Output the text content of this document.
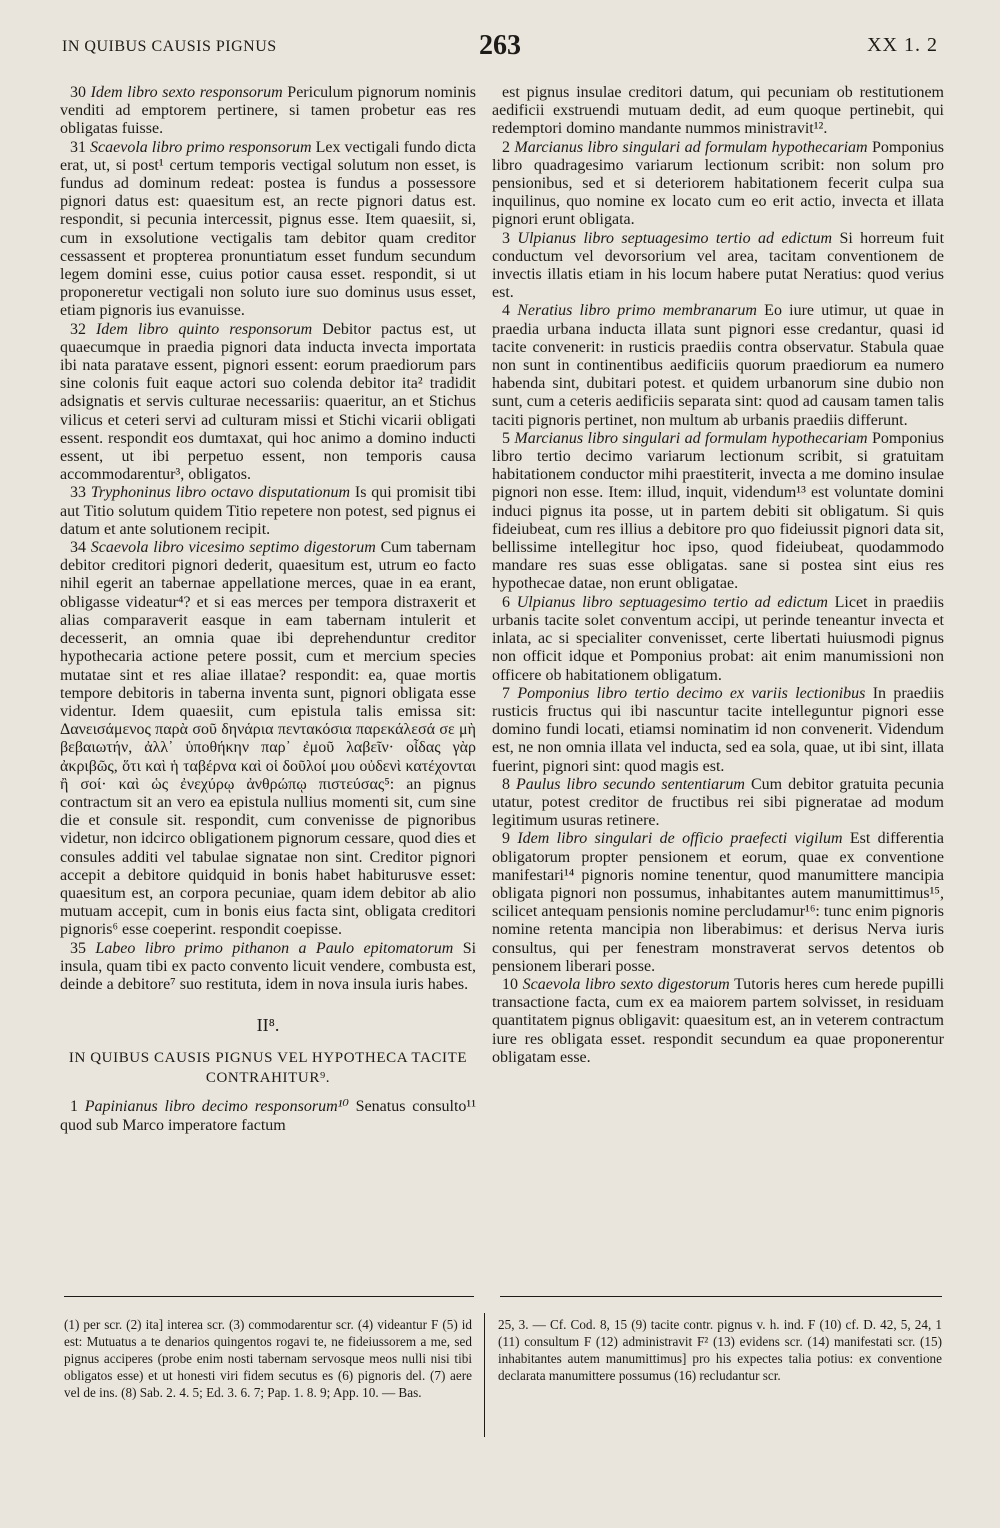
IN QUIBUS CAUSIS PIGNUS	263	XX 1. 2

30 Idem libro sexto responsorum Periculum pignorum nominis venditi ad emptorem pertinere, si tamen probetur eas res obligatas fuisse.

31 Scaevola libro primo responsorum Lex vectigali fundo dicta erat, ut, si post¹ certum temporis vectigal solutum non esset, is fundus ad dominum redeat: postea is fundus a possessore pignori datus est: quaesitum est, an recte pignori datus est. respondit, si pecunia intercessit, pignus esse. Item quaesiit, si, cum in exsolutione vectigalis tam debitor quam creditor cessassent et propterea pronuntiatum esset fundum secundum legem domini esse, cuius potior causa esset. respondit, si ut proponeretur vectigali non soluto iure suo dominus usus esset, etiam pignoris ius evanuisse.

32 Idem libro quinto responsorum Debitor pactus est, ut quaecumque in praedia pignori data inducta invecta importata ibi nata paratave essent, pignori essent: eorum praediorum pars sine colonis fuit eaque actori suo colenda debitor ita² tradidit adsignatis et servis culturae necessariis: quaeritur, an et Stichus vilicus et ceteri servi ad culturam missi et Stichi vicarii obligati essent. respondit eos dumtaxat, qui hoc animo a domino inducti essent, ut ibi perpetuo essent, non temporis causa accommodarentur³, obligatos.

33 Tryphoninus libro octavo disputationum Is qui promisit tibi aut Titio solutum quidem Titio repetere non potest, sed pignus ei datum et ante solutionem recipit.

34 Scaevola libro vicesimo septimo digestorum Cum tabernam debitor creditori pignori dederit, quaesitum est, utrum eo facto nihil egerit an tabernae appellatione merces, quae in ea erant, obligasse videatur⁴? et si eas merces per tempora distraxerit et alias comparaverit easque in eam tabernam intulerit et decesserit, an omnia quae ibi deprehenduntur creditor hypothecaria actione petere possit, cum et mercium species mutatae sint et res aliae illatae? respondit: ea, quae mortis tempore debitoris in taberna inventa sunt, pignori obligata esse videntur. Idem quaesiit, cum epistula talis emissa sit: Δανεισάμενος παρὰ σοῦ δηνάρια πεντακόσια παρεκάλεσά σε μὴ βεβαιωτήν, ἀλλ᾽ ὑποθήκην παρ᾽ ἐμοῦ λαβεῖν· οἶδας γὰρ ἀκριβῶς, ὅτι καὶ ἡ ταβέρνα καὶ οἱ δοῦλοί μου οὐδενὶ κατέχονται ἢ σοί· καὶ ὡς ἐνεχύρῳ ἀνθρώπῳ πιστεύσας⁵: an pignus contractum sit an vero ea epistula nullius momenti sit, cum sine die et consule sit. respondit, cum convenisse de pignoribus videtur, non idcirco obligationem pignorum cessare, quod dies et consules additi vel tabulae signatae non sint. Creditor pignori accepit a debitore quidquid in bonis habet habiturusve esset: quaesitum est, an corpora pecuniae, quam idem debitor ab alio mutuam accepit, cum in bonis eius facta sint, obligata creditori pignoris⁶ esse coeperint. respondit coepisse.

35 Labeo libro primo pithanon a Paulo epitomatorum Si insula, quam tibi ex pacto convento licuit vendere, combusta est, deinde a debitore⁷ suo restituta, idem in nova insula iuris habes.

II⁸.
IN QUIBUS CAUSIS PIGNUS VEL HYPOTHECA TACITE CONTRAHITUR⁹.

1 Papinianus libro decimo responsorum¹⁰ Senatus consulto¹¹ quod sub Marco imperatore factum

est pignus insulae creditori datum, qui pecuniam ob restitutionem aedificii exstruendi mutuam dedit, ad eum quoque pertinebit, qui redemptori domino mandante nummos ministravit¹².

2 Marcianus libro singulari ad formulam hypothecariam Pomponius libro quadragesimo variarum lectionum scribit: non solum pro pensionibus, sed et si deteriorem habitationem fecerit culpa sua inquilinus, quo nomine ex locato cum eo erit actio, invecta et illata pignori erunt obligata.

3 Ulpianus libro septuagesimo tertio ad edictum Si horreum fuit conductum vel devorsorium vel area, tacitam conventionem de invectis illatis etiam in his locum habere putat Neratius: quod verius est.

4 Neratius libro primo membranarum Eo iure utimur, ut quae in praedia urbana inducta illata sunt pignori esse credantur, quasi id tacite convenerit: in rusticis praediis contra observatur. Stabula quae non sunt in continentibus aedificiis quorum praediorum ea numero habenda sint, dubitari potest. et quidem urbanorum sine dubio non sunt, cum a ceteris aedificiis separata sint: quod ad causam tamen talis taciti pignoris pertinet, non multum ab urbanis praediis differunt.

5 Marcianus libro singulari ad formulam hypothecariam Pomponius libro tertio decimo variarum lectionum scribit, si gratuitam habitationem conductor mihi praestiterit, invecta a me domino insulae pignori non esse. Item: illud, inquit, videndum¹³ est voluntate domini induci pignus ita posse, ut in partem debiti sit obligatum. Si quis fideiubeat, cum res illius a debitore pro quo fideiussit pignori data sit, bellissime intellegitur hoc ipso, quod fideiubeat, quodammodo mandare res suas esse obligatas. sane si postea sint eius res hypothecae datae, non erunt obligatae.

6 Ulpianus libro septuagesimo tertio ad edictum Licet in praediis urbanis tacite solet conventum accipi, ut perinde teneantur invecta et inlata, ac si specialiter convenisset, certe libertati huiusmodi pignus non officit idque et Pomponius probat: ait enim manumissioni non officere ob habitationem obligatum.

7 Pomponius libro tertio decimo ex variis lectionibus In praediis rusticis fructus qui ibi nascuntur tacite intelleguntur pignori esse domino fundi locati, etiamsi nominatim id non convenerit. Videndum est, ne non omnia illata vel inducta, sed ea sola, quae, ut ibi sint, illata fuerint, pignori sint: quod magis est.

8 Paulus libro secundo sententiarum Cum debitor gratuita pecunia utatur, potest creditor de fructibus rei sibi pigneratae ad modum legitimum usuras retinere.

9 Idem libro singulari de officio praefecti vigilum Est differentia obligatorum propter pensionem et eorum, quae ex conventione manifestari¹⁴ pignoris nomine tenentur, quod manumittere mancipia obligata pignori non possumus, inhabitantes autem manumittimus¹⁵, scilicet antequam pensionis nomine percludamur¹⁶: tunc enim pignoris nomine retenta mancipia non liberabimus: et derisus Nerva iuris consultus, qui per fenestram monstraverat servos detentos ob pensionem liberari posse.

10 Scaevola libro sexto digestorum Tutoris heres cum herede pupilli transactione facta, cum ex ea maiorem partem solvisset, in residuam quantitatem pignus obligavit: quaesitum est, an in veterem contractum iure res obligata esset. respondit secundum ea quae proponerentur obligatam esse.

(1) per scr. (2) ita] interea scr. (3) commodarentur scr. (4) videantur F (5) id est: Mutuatus a te denarios quingentos rogavi te, ne fideiussorem a me, sed pignus acciperes (probe enim nosti tabernam servosque meos nulli nisi tibi obligatos esse) et ut honesti viri fidem secutus es (6) pignoris del. (7) aere vel de ins. (8) Sab. 2. 4. 5; Ed. 3. 6. 7; Pap. 1. 8. 9; App. 10. — Bas.

25, 3. — Cf. Cod. 8, 15 (9) tacite contr. pignus v. h. ind. F (10) cf. D. 42, 5, 24, 1 (11) consultum F (12) administravit F² (13) evidens scr. (14) manifestati scr. (15) inhabitantes autem manumittimus] pro his expectes talia potius: ex conventione declarata manumittere possumus (16) recludantur scr.
